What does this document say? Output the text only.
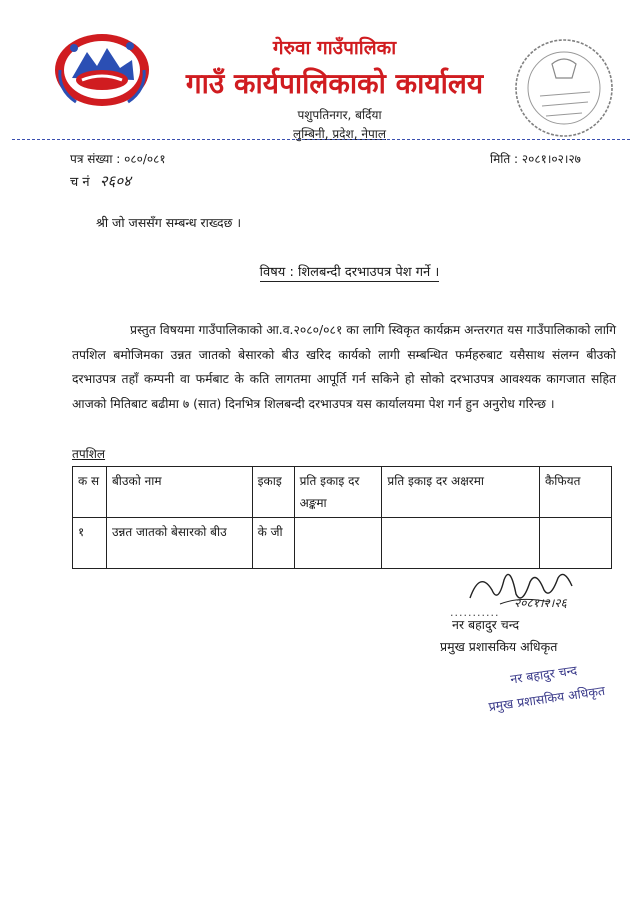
गेरुवा गाउँपालिका
गाउँ कार्यपालिकाको कार्यालय
पशुपतिनगर, बर्दिया
लुम्बिनी, प्रदेश, नेपाल
पत्र संख्या : ०८०/०८१	मिति : २०८१।०२।२७
च नं २६०४
श्री जो जससँग सम्बन्ध राख्दछ ।
विषय : शिलबन्दी दरभाउपत्र पेश गर्ने ।
प्रस्तुत विषयमा गाउँपालिकाको आ.व.२०८०/०८१ का लागि स्विकृत कार्यक्रम अन्तरगत यस गाउँपालिकाको लागि तपशिल बमोजिमका उन्नत जातको बेसारको बीउ खरिद कार्यको लागी सम्बन्धित फर्महरुबाट यसैसाथ संलग्न बीउको दरभाउपत्र तहाँ कम्पनी वा फर्मबाट के कति लागतमा आपूर्ति गर्न सकिने हो सोको दरभाउपत्र आवश्यक कागजात सहित आजको मितिबाट बढीमा ७ (सात) दिनभित्र शिलबन्दी दरभाउपत्र यस कार्यालयमा पेश गर्न हुन अनुरोध गरिन्छ ।
तपशिल
क स	बीउको नाम	इकाइ	प्रति इकाइ दर अङ्कमा	प्रति इकाइ दर अक्षरमा	कैफियत
१	उन्नत जातको बेसारको बीउ	के जी			
२०८१।२।२६
...........
नर बहादुर चन्द
प्रमुख प्रशासकिय अधिकृत
नर बहादुर चन्द
प्रमुख प्रशासकिय अधिकृत
